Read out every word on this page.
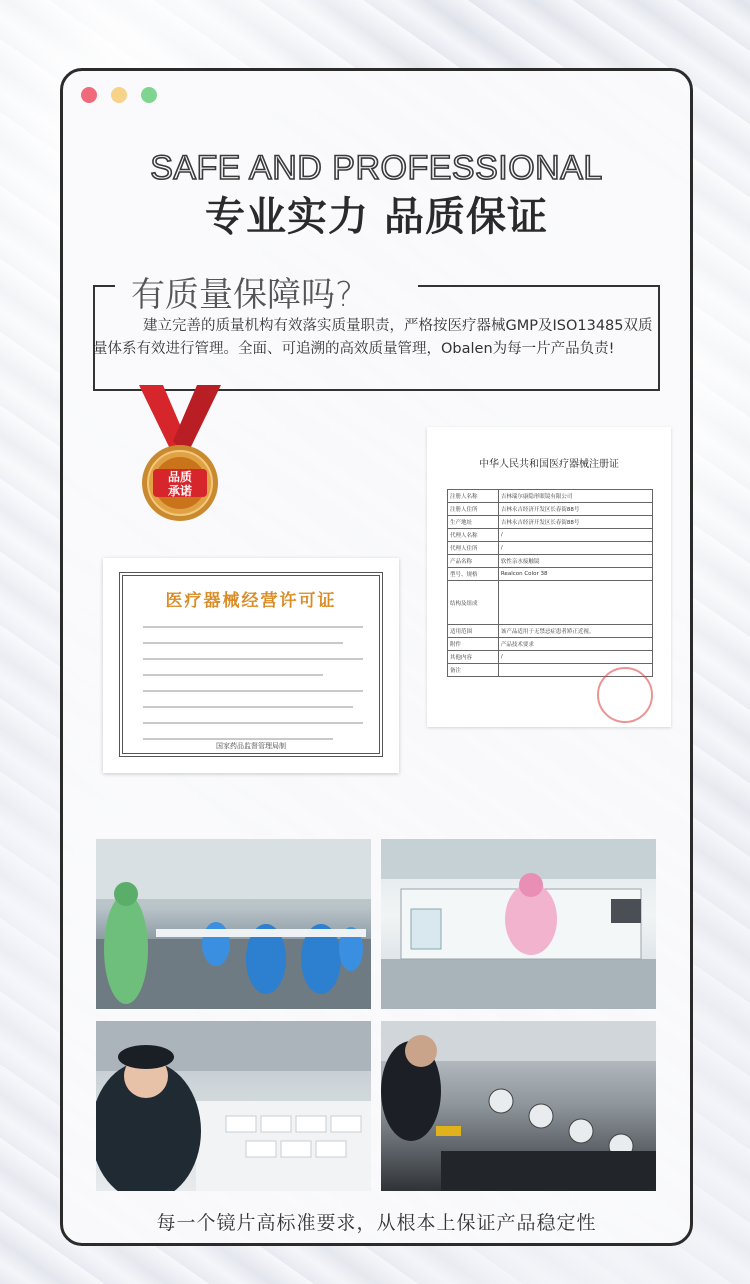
SAFE AND PROFESSIONAL
专业实力 品质保证
有质量保障吗?
建立完善的质量机构有效落实质量职责，严格按医疗器械GMP及ISO13485双质量体系有效进行管理。全面、可追溯的高效质量管理，Obalen为每一片产品负责!
品质
承诺
医疗器械经营许可证
国家药品监督管理局制
中华人民共和国医疗器械注册证
注册人名称	吉林瑞尔康隐形眼镜有限公司
注册人住所	吉林永吉经济开发区长春街88号
生产地址	吉林永吉经济开发区长春街88号
代理人名称	/
代理人住所	/
产品名称	软性亲水接触镜
型号、规格	Realcon Color 38
结构及组成	
适用范围	该产品适用于无禁忌症患者矫正近视。
附件	产品技术要求
其他内容	/
备注	
每一个镜片高标准要求，从根本上保证产品稳定性
